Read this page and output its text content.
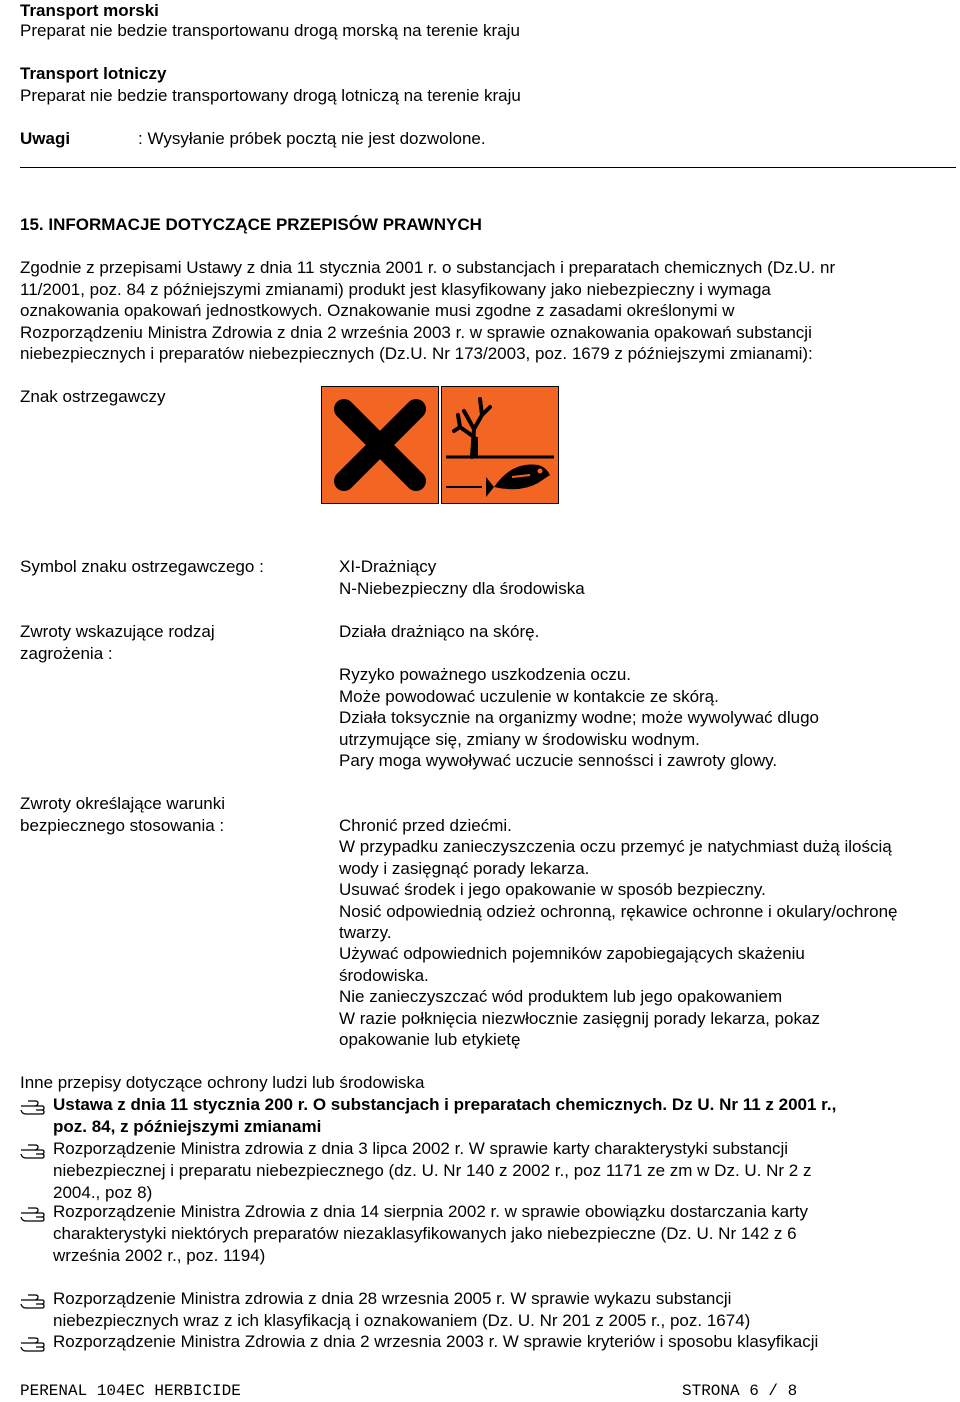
Transport morski
Preparat nie bedzie transportowanu drogą morską na terenie kraju
Transport lotniczy
Preparat nie bedzie transportowany drogą lotniczą na terenie kraju
Uwagi	: Wysyłanie próbek pocztą nie jest dozwolone.
15. INFORMACJE DOTYCZĄCE PRZEPISÓW PRAWNYCH
Zgodnie z przepisami Ustawy z dnia 11 stycznia 2001 r. o substancjach i preparatach chemicznych (Dz.U. nr
11/2001, poz. 84 z późniejszymi zmianami) produkt jest klasyfikowany jako niebezpieczny i wymaga
oznakowania opakowań jednostkowych. Oznakowanie musi zgodne z zasadami określonymi w
Rozporządzeniu Ministra Zdrowia z dnia 2 września 2003 r. w sprawie oznakowania opakowań substancji
niebezpiecznych i preparatów niebezpiecznych (Dz.U. Nr 173/2003, poz. 1679 z późniejszymi zmianami):
Znak ostrzegawczy
Symbol znaku ostrzegawczego :	XI-Drażniący
N-Niebezpieczny dla środowiska
Zwroty wskazujące rodzaj
zagrożenia :
Działa drażniąco na skórę.
Ryzyko poważnego uszkodzenia oczu.
Może powodować uczulenie w kontakcie ze skórą.
Działa toksycznie na organizmy wodne; może wywolywać dlugo
utrzymujące się, zmiany w środowisku wodnym.
Pary moga wywoływać uczucie sennośsci i zawroty glowy.
Zwroty określające warunki
bezpiecznego stosowania :	Chronić przed dziećmi.
W przypadku zanieczyszczenia oczu przemyć je natychmiast dużą ilością
wody i zasięgnąć porady lekarza.
Usuwać środek i jego opakowanie w sposób bezpieczny.
Nosić odpowiednią odzież ochronną, rękawice ochronne i okulary/ochronę
twarzy.
Używać odpowiednich pojemników zapobiegających skażeniu
środowiska.
Nie zanieczyszczać wód produktem lub jego opakowaniem
W razie połknięcia niezwłocznie zasięgnij porady lekarza, pokaz
opakowanie lub etykietę
Inne przepisy dotyczące ochrony ludzi lub środowiska
Ustawa z dnia 11 stycznia 200 r. O substancjach i preparatach chemicznych. Dz U. Nr 11 z 2001 r.,
poz. 84, z późniejszymi zmianami
Rozporządzenie Ministra zdrowia z dnia 3 lipca 2002 r. W sprawie karty charakterystyki substancji
niebezpiecznej i preparatu niebezpiecznego (dz. U. Nr 140 z 2002 r., poz 1171 ze zm w Dz. U. Nr 2 z
2004., poz 8)
Rozporządzenie Ministra Zdrowia z dnia 14 sierpnia 2002 r. w sprawie obowiązku dostarczania karty
charakterystyki niektórych preparatów niezaklasyfikowanych jako niebezpieczne (Dz. U. Nr 142 z 6
września 2002 r., poz. 1194)
Rozporządzenie Ministra zdrowia z dnia 28 wrzesnia 2005 r. W sprawie wykazu substancji
niebezpiecznych wraz z ich klasyfikacją i oznakowaniem (Dz. U. Nr 201 z 2005 r., poz. 1674)
Rozporządzenie Ministra Zdrowia z dnia 2 wrzesnia 2003 r. W sprawie kryteriów i sposobu klasyfikacji
PERENAL 104EC HERBICIDE	STRONA 6 / 8
